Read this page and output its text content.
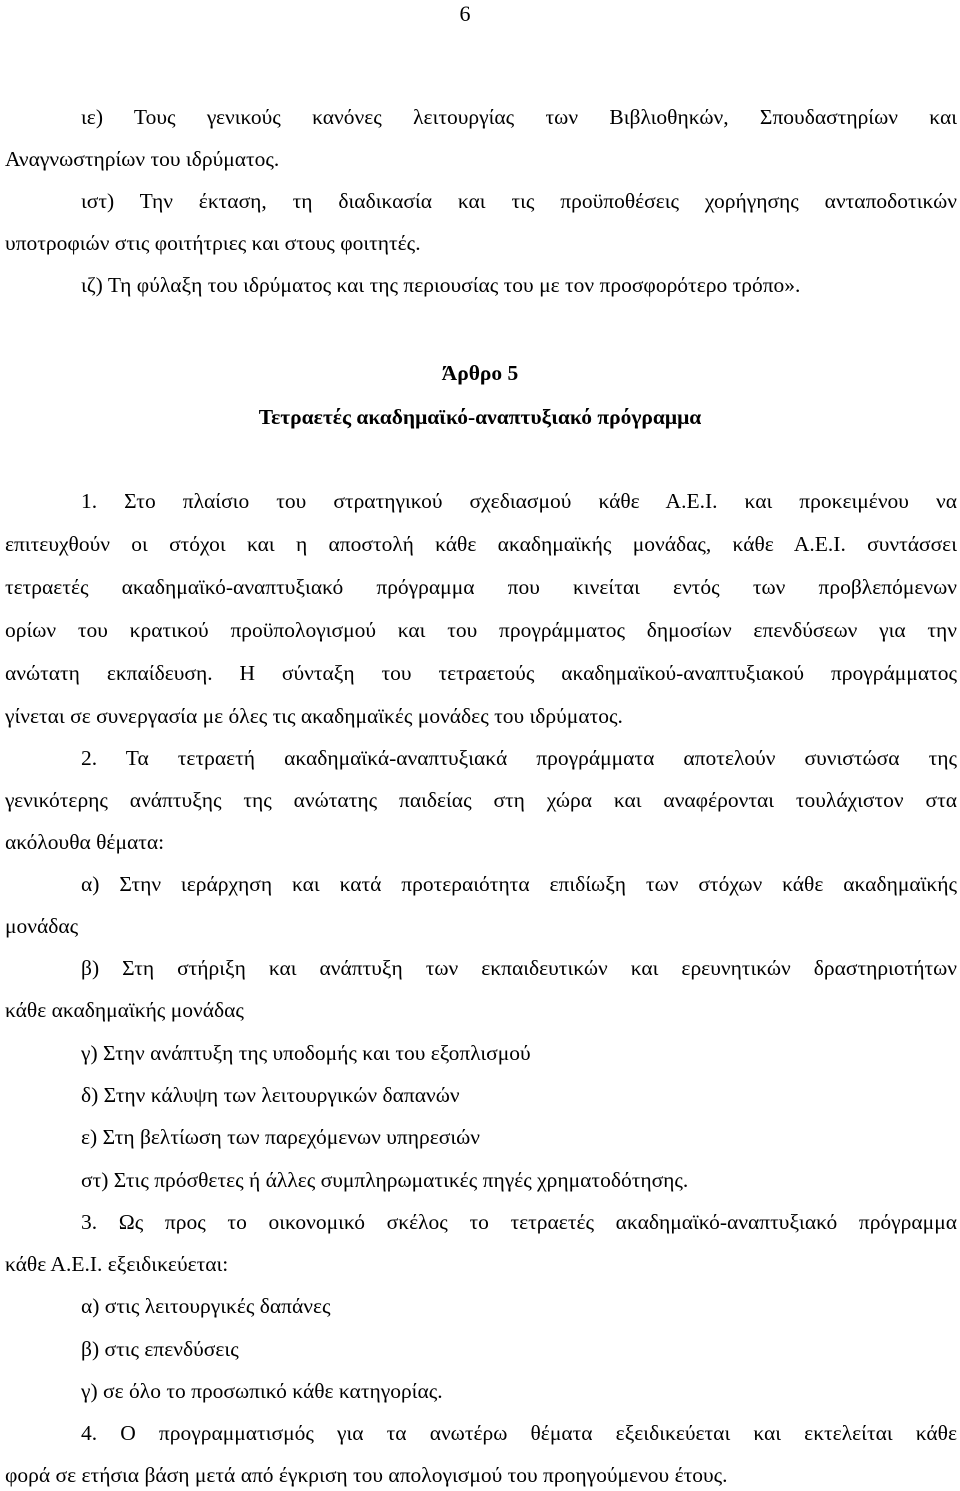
6
ιε) Τους γενικούς κανόνες λειτουργίας των Βιβλιοθηκών, Σπουδαστηρίων και
Αναγνωστηρίων του ιδρύματος.
ιστ) Την έκταση, τη διαδικασία και τις προϋποθέσεις χορήγησης ανταποδοτικών
υποτροφιών στις φοιτήτριες και στους φοιτητές.
ιζ) Τη φύλαξη του ιδρύματος και της περιουσίας του με τον προσφορότερο τρόπο».
Άρθρο 5
Τετραετές ακαδημαϊκό-αναπτυξιακό πρόγραμμα
1. Στο πλαίσιο του στρατηγικού σχεδιασμού κάθε Α.Ε.Ι. και προκειμένου να
επιτευχθούν οι στόχοι και η αποστολή κάθε ακαδημαϊκής μονάδας, κάθε Α.Ε.Ι. συντάσσει
τετραετές ακαδημαϊκό-αναπτυξιακό πρόγραμμα που κινείται εντός των προβλεπόμενων
ορίων του κρατικού προϋπολογισμού και του προγράμματος δημοσίων επενδύσεων για την
ανώτατη εκπαίδευση. Η σύνταξη του τετραετούς ακαδημαϊκού-αναπτυξιακού προγράμματος
γίνεται σε συνεργασία με όλες τις ακαδημαϊκές μονάδες του ιδρύματος.
2. Τα τετραετή ακαδημαϊκά-αναπτυξιακά προγράμματα αποτελούν συνιστώσα της
γενικότερης ανάπτυξης της ανώτατης παιδείας στη χώρα και αναφέρονται τουλάχιστον στα
ακόλουθα θέματα:
α) Στην ιεράρχηση και κατά προτεραιότητα επιδίωξη των στόχων κάθε ακαδημαϊκής
μονάδας
β) Στη στήριξη και ανάπτυξη των εκπαιδευτικών και ερευνητικών δραστηριοτήτων
κάθε ακαδημαϊκής μονάδας
γ) Στην ανάπτυξη της υποδομής και του εξοπλισμού
δ) Στην κάλυψη των λειτουργικών δαπανών
ε) Στη βελτίωση των παρεχόμενων υπηρεσιών
στ) Στις πρόσθετες ή άλλες συμπληρωματικές πηγές χρηματοδότησης.
3. Ως προς το οικονομικό σκέλος το τετραετές ακαδημαϊκό-αναπτυξιακό πρόγραμμα
κάθε Α.Ε.Ι. εξειδικεύεται:
α) στις λειτουργικές δαπάνες
β) στις επενδύσεις
γ) σε όλο το προσωπικό κάθε κατηγορίας.
4. Ο προγραμματισμός για τα ανωτέρω θέματα εξειδικεύεται και εκτελείται κάθε
φορά σε ετήσια βάση μετά από έγκριση του απολογισμού του προηγούμενου έτους.
